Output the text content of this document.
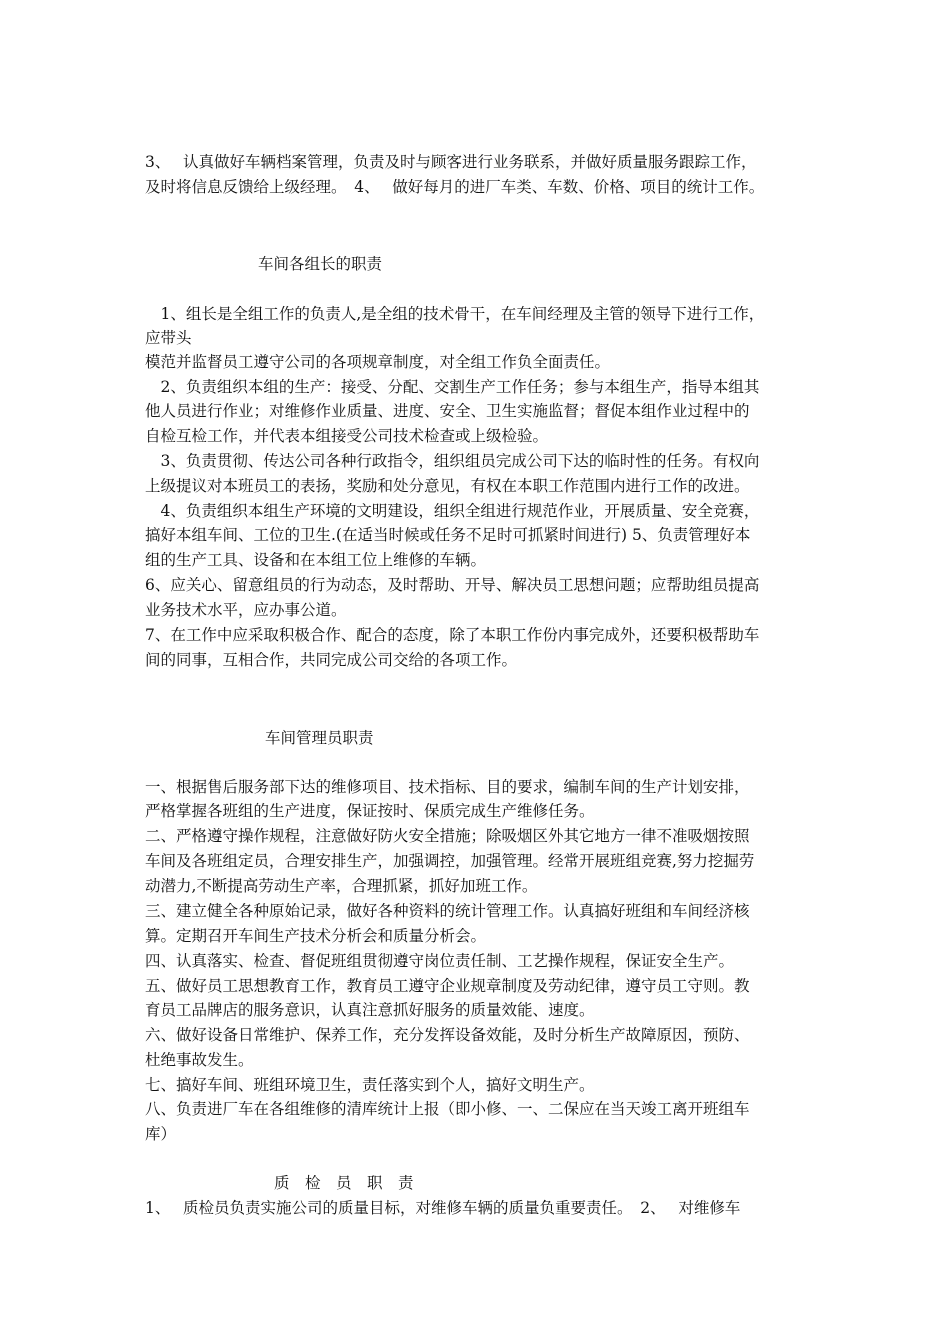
3、　 认真做好车辆档案管理，负责及时与顾客进行业务联系，并做好质量服务跟踪工作，
及时将信息反馈给上级经理。　4、　 做好每月的进厂车类、车数、价格、项目的统计工作。
车间各组长的职责
　1、组长是全组工作的负责人,是全组的技术骨干，在车间经理及主管的领导下进行工作，
应带头
模范并监督员工遵守公司的各项规章制度，对全组工作负全面责任。
　2、负责组织本组的生产：接受、分配、交割生产工作任务；参与本组生产，指导本组其
他人员进行作业；对维修作业质量、进度、安全、卫生实施监督；督促本组作业过程中的
自检互检工作，并代表本组接受公司技术检查或上级检验。
　3、负责贯彻、传达公司各种行政指令，组织组员完成公司下达的临时性的任务。有权向
上级提议对本班员工的表扬，奖励和处分意见，有权在本职工作范围内进行工作的改进。
　4、负责组织本组生产环境的文明建设，组织全组进行规范作业，开展质量、安全竞赛，
搞好本组车间、工位的卫生.(在适当时候或任务不足时可抓紧时间进行) 5、负责管理好本
组的生产工具、设备和在本组工位上维修的车辆。
6、应关心、留意组员的行为动态，及时帮助、开导、解决员工思想问题；应帮助组员提高
业务技术水平，应办事公道。
7、在工作中应采取积极合作、配合的态度，除了本职工作份内事完成外，还要积极帮助车
间的同事，互相合作，共同完成公司交给的各项工作。
车间管理员职责
一、根据售后服务部下达的维修项目、技术指标、目的要求，编制车间的生产计划安排，
严格掌握各班组的生产进度，保证按时、保质完成生产维修任务。
二、严格遵守操作规程，注意做好防火安全措施；除吸烟区外其它地方一律不准吸烟按照
车间及各班组定员，合理安排生产，加强调控，加强管理。经常开展班组竞赛,努力挖掘劳
动潜力,不断提高劳动生产率，合理抓紧，抓好加班工作。
三、建立健全各种原始记录，做好各种资料的统计管理工作。认真搞好班组和车间经济核
算。定期召开车间生产技术分析会和质量分析会。
四、认真落实、检查、督促班组贯彻遵守岗位责任制、工艺操作规程，保证安全生产。
五、做好员工思想教育工作，教育员工遵守企业规章制度及劳动纪律，遵守员工守则。教
育员工品牌店的服务意识，认真注意抓好服务的质量效能、速度。
六、做好设备日常维护、保养工作，充分发挥设备效能，及时分析生产故障原因，预防、
杜绝事故发生。
七、搞好车间、班组环境卫生，责任落实到个人，搞好文明生产。
八、负责进厂车在各组维修的清库统计上报（即小修、一、二保应在当天竣工离开班组车
库）
质　检　员　职　责
1、　 质检员负责实施公司的质量目标，对维修车辆的质量负重要责任。　2、　 对维修车
